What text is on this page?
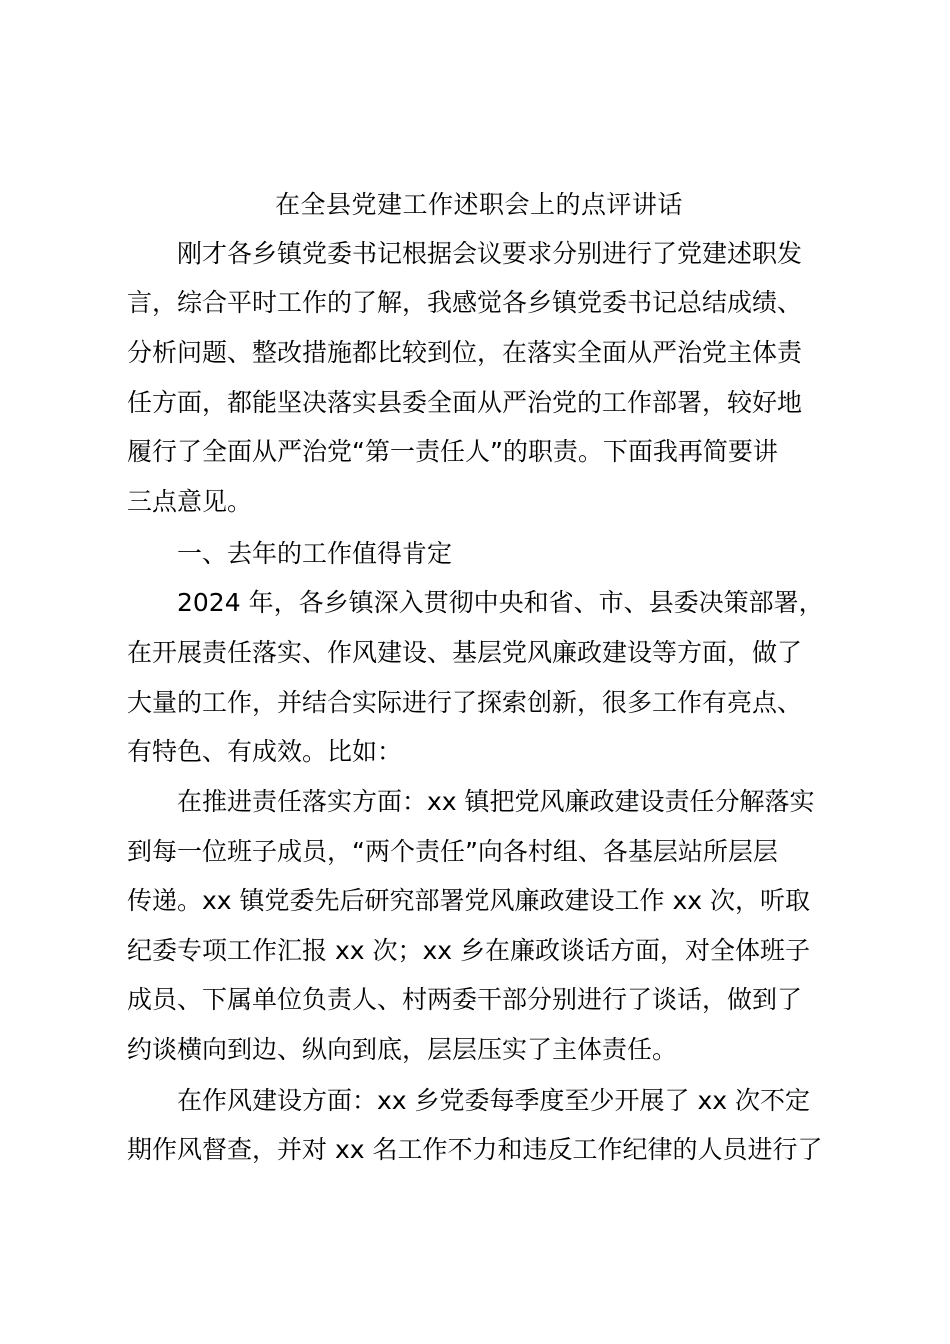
在全县党建工作述职会上的点评讲话
刚才各乡镇党委书记根据会议要求分别进行了党建述职发
言，综合平时工作的了解，我感觉各乡镇党委书记总结成绩、
分析问题、整改措施都比较到位，在落实全面从严治党主体责
任方面，都能坚决落实县委全面从严治党的工作部署，较好地
履行了全面从严治党“第一责任人”的职责。下面我再简要讲
三点意见。
一、去年的工作值得肯定
2024 年，各乡镇深入贯彻中央和省、市、县委决策部署，
在开展责任落实、作风建设、基层党风廉政建设等方面，做了
大量的工作，并结合实际进行了探索创新，很多工作有亮点、
有特色、有成效。比如：
在推进责任落实方面：xx 镇把党风廉政建设责任分解落实
到每一位班子成员，“两个责任”向各村组、各基层站所层层
传递。xx 镇党委先后研究部署党风廉政建设工作 xx 次，听取
纪委专项工作汇报 xx 次；xx 乡在廉政谈话方面，对全体班子
成员、下属单位负责人、村两委干部分别进行了谈话，做到了
约谈横向到边、纵向到底，层层压实了主体责任。
在作风建设方面：xx 乡党委每季度至少开展了 xx 次不定
期作风督查，并对 xx 名工作不力和违反工作纪律的人员进行了
